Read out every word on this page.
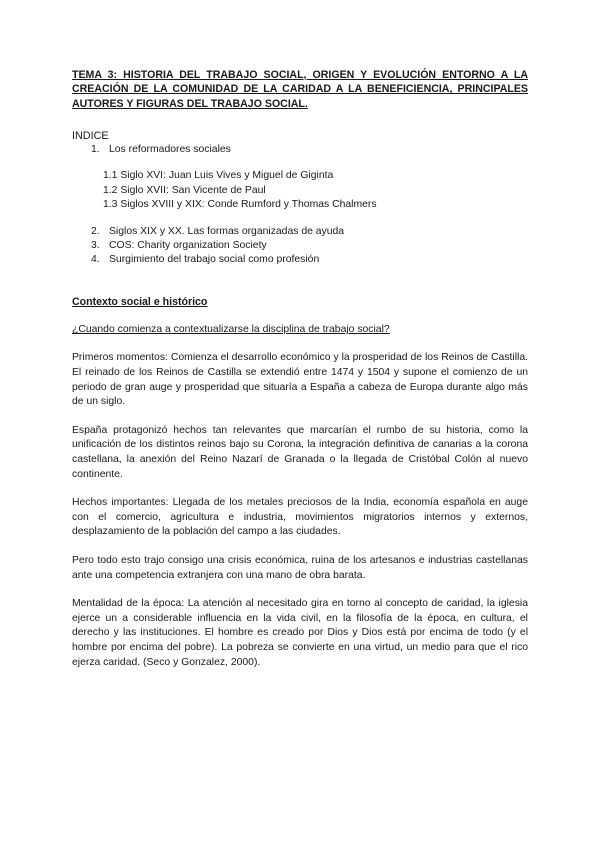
TEMA 3: HISTORIA DEL TRABAJO SOCIAL, ORIGEN Y EVOLUCIÓN ENTORNO A LA CREACIÓN DE LA COMUNIDAD DE LA CARIDAD A LA BENEFICIENCIA, PRINCIPALES AUTORES Y FIGURAS DEL TRABAJO SOCIAL.
INDICE
1. Los reformadores sociales
1.1 Siglo XVI: Juan Luis Vives y Miguel de Giginta
1.2 Siglo XVII: San Vicente de Paul
1.3 Siglos XVIII y XIX: Conde Rumford y Thomas Chalmers
2. Siglos XIX y XX. Las formas organizadas de ayuda
3. COS: Charity organization Society
4. Surgimiento del trabajo social como profesión
Contexto social e histórico
¿Cuando comienza a contextualizarse la disciplina de trabajo social?

Primeros momentos: Comienza el desarrollo económico y la prosperidad de los Reinos de Castilla. El reinado de los Reinos de Castilla se extendió entre 1474 y 1504 y supone el comienzo de un periodo de gran auge y prosperidad que situaría a España a cabeza de Europa durante algo más de un siglo.

España protagonizó hechos tan relevantes que marcarían el rumbo de su historia, como la unificación de los distintos reinos bajo su Corona, la integración definitiva de canarias a la corona castellana, la anexión del Reino Nazarí de Granada o la llegada de Cristóbal Colón al nuevo continente.

Hechos importantes: Llegada de los metales preciosos de la India, economía española en auge con el comercio, agricultura e industria, movimientos migratorios internos y externos, desplazamiento de la población del campo a las ciudades.

Pero todo esto trajo consigo una crisis económica, ruina de los artesanos e industrias castellanas ante una competencia extranjera con una mano de obra barata.

Mentalidad de la época: La atención al necesitado gira en torno al concepto de caridad, la iglesia ejerce un a considerable influencia en la vida civil, en la filosofía de la época, en cultura, el derecho y las instituciones. El hombre es creado por Dios y Dios está por encima de todo (y el hombre por encima del pobre). La pobreza se convierte en una virtud, un medio para que el rico ejerza caridad. (Seco y Gonzalez, 2000).
